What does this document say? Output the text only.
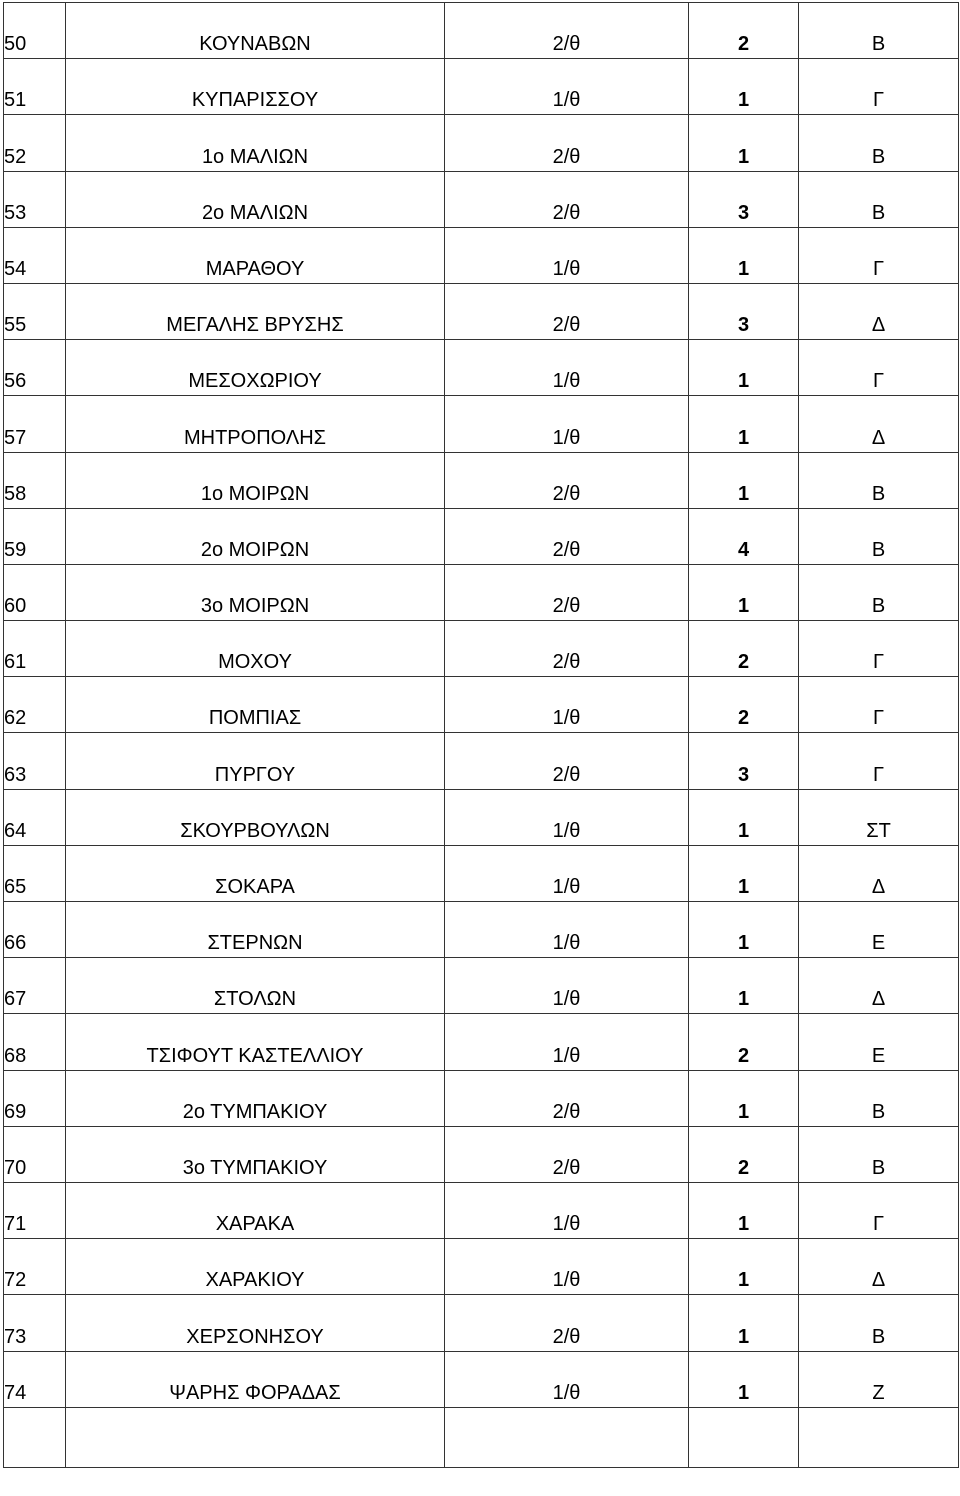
50	ΚΟΥΝΑΒΩΝ	2/θ	2	Β
51	ΚΥΠΑΡΙΣΣΟΥ	1/θ	1	Γ
52	1ο ΜΑΛΙΩΝ	2/θ	1	Β
53	2ο ΜΑΛΙΩΝ	2/θ	3	Β
54	ΜΑΡΑΘΟΥ	1/θ	1	Γ
55	ΜΕΓΑΛΗΣ ΒΡΥΣΗΣ	2/θ	3	Δ
56	ΜΕΣΟΧΩΡΙΟΥ	1/θ	1	Γ
57	ΜΗΤΡΟΠΟΛΗΣ	1/θ	1	Δ
58	1ο ΜΟΙΡΩΝ	2/θ	1	Β
59	2ο ΜΟΙΡΩΝ	2/θ	4	Β
60	3ο ΜΟΙΡΩΝ	2/θ	1	Β
61	ΜΟΧΟΥ	2/θ	2	Γ
62	ΠΟΜΠΙΑΣ	1/θ	2	Γ
63	ΠΥΡΓΟΥ	2/θ	3	Γ
64	ΣΚΟΥΡΒΟΥΛΩΝ	1/θ	1	ΣΤ
65	ΣΟΚΑΡΑ	1/θ	1	Δ
66	ΣΤΕΡΝΩΝ	1/θ	1	Ε
67	ΣΤΟΛΩΝ	1/θ	1	Δ
68	ΤΣΙΦΟΥΤ ΚΑΣΤΕΛΛΙΟΥ	1/θ	2	Ε
69	2ο ΤΥΜΠΑΚΙΟΥ	2/θ	1	Β
70	3ο ΤΥΜΠΑΚΙΟΥ	2/θ	2	Β
71	ΧΑΡΑΚΑ	1/θ	1	Γ
72	ΧΑΡΑΚΙΟΥ	1/θ	1	Δ
73	ΧΕΡΣΟΝΗΣΟΥ	2/θ	1	Β
74	ΨΑΡΗΣ ΦΟΡΑΔΑΣ	1/θ	1	Ζ
